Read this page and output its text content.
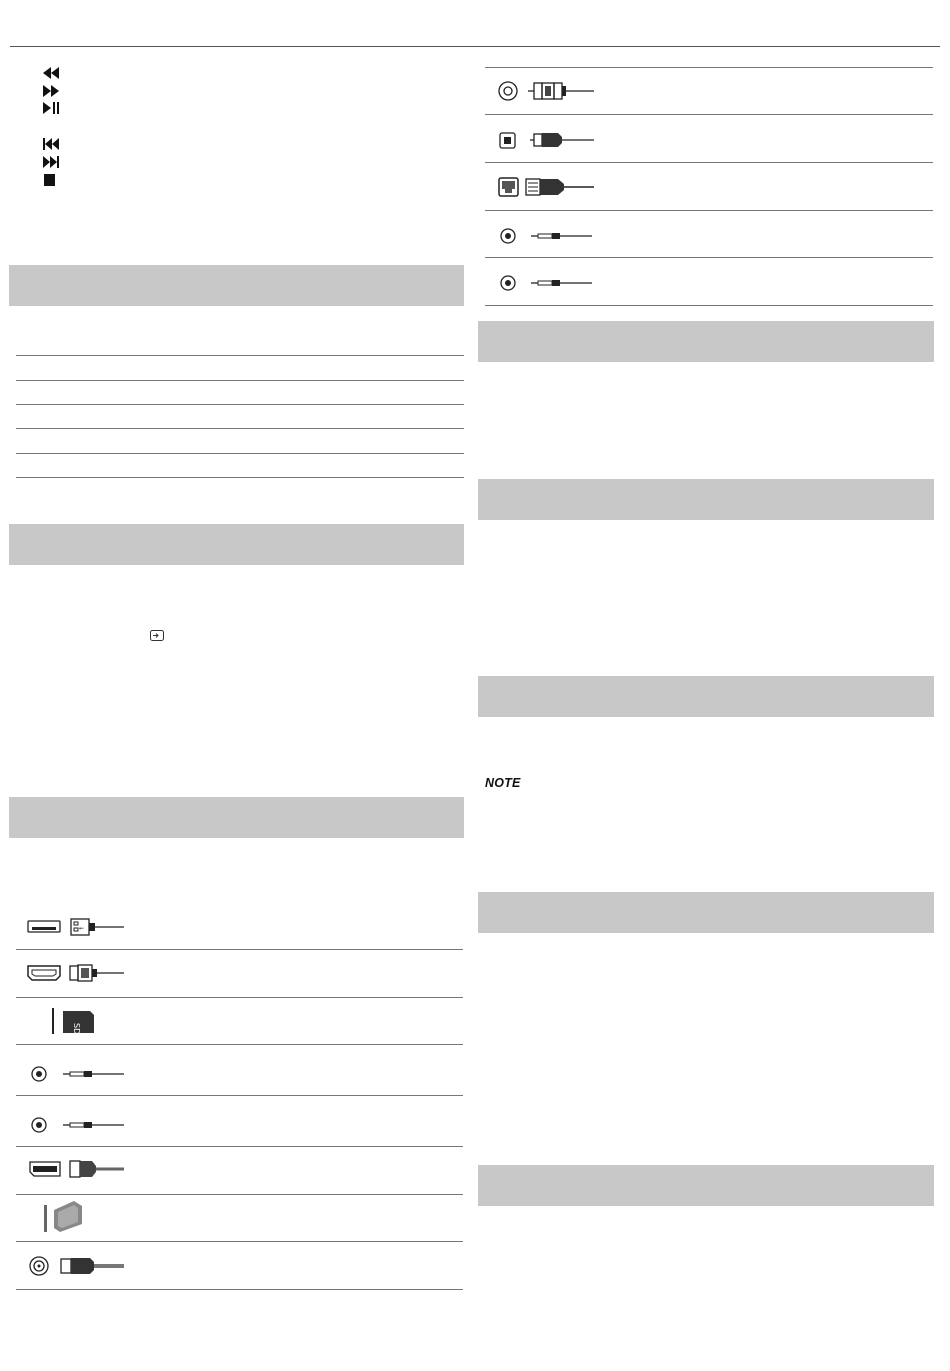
⇜
SD
NOTE
